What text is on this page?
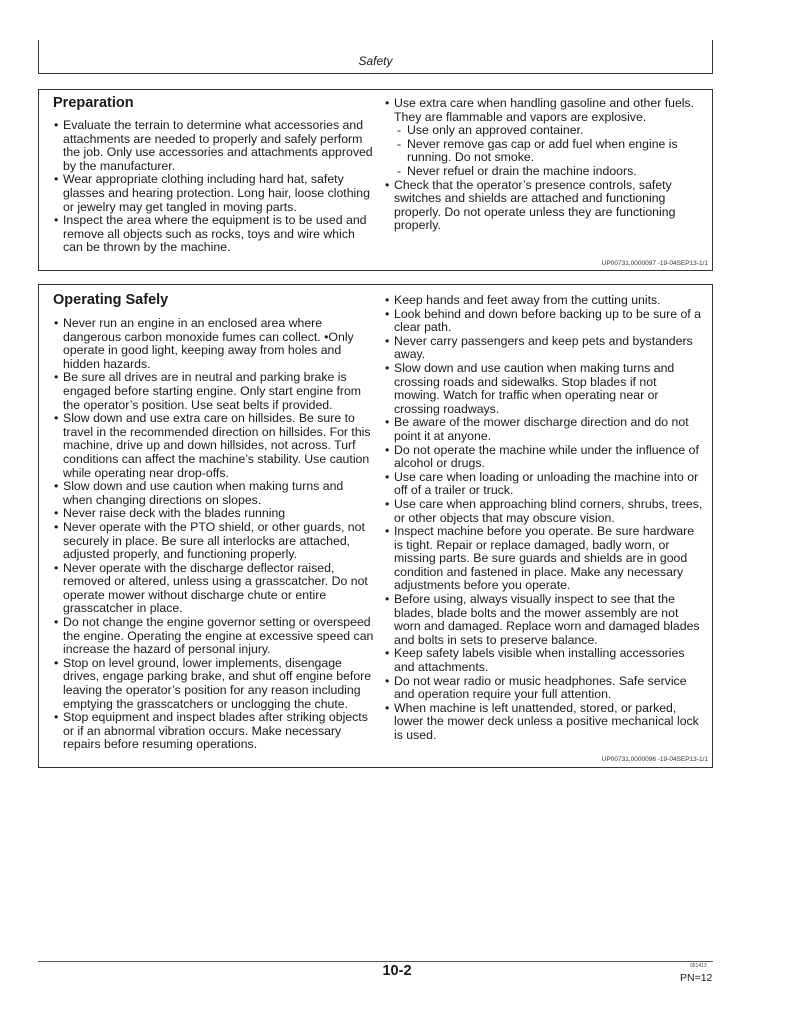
Safety
Preparation
• Evaluate the terrain to determine what accessories and attachments are needed to properly and safely perform the job. Only use accessories and attachments approved by the manufacturer.
• Wear appropriate clothing including hard hat, safety glasses and hearing protection. Long hair, loose clothing or jewelry may get tangled in moving parts.
• Inspect the area where the equipment is to be used and remove all objects such as rocks, toys and wire which can be thrown by the machine.
• Use extra care when handling gasoline and other fuels. They are flammable and vapors are explosive.
- Use only an approved container.
- Never remove gas cap or add fuel when engine is running. Do not smoke.
- Never refuel or drain the machine indoors.
• Check that the operator’s presence controls, safety switches and shields are attached and functioning properly. Do not operate unless they are functioning properly.
UP00731,0000097 -19-04SEP13-1/1
Operating Safely
• Never run an engine in an enclosed area where dangerous carbon monoxide fumes can collect. •Only operate in good light, keeping away from holes and hidden hazards.
• Be sure all drives are in neutral and parking brake is engaged before starting engine. Only start engine from the operator’s position. Use seat belts if provided.
• Slow down and use extra care on hillsides. Be sure to travel in the recommended direction on hillsides. For this machine, drive up and down hillsides, not across. Turf conditions can affect the machine’s stability. Use caution while operating near drop-offs.
• Slow down and use caution when making turns and when changing directions on slopes.
• Never raise deck with the blades running
• Never operate with the PTO shield, or other guards, not securely in place. Be sure all interlocks are attached, adjusted properly, and functioning properly.
• Never operate with the discharge deflector raised, removed or altered, unless using a grasscatcher. Do not operate mower without discharge chute or entire grasscatcher in place.
• Do not change the engine governor setting or overspeed the engine. Operating the engine at excessive speed can increase the hazard of personal injury.
• Stop on level ground, lower implements, disengage drives, engage parking brake, and shut off engine before leaving the operator’s position for any reason including emptying the grasscatchers or unclogging the chute.
• Stop equipment and inspect blades after striking objects or if an abnormal vibration occurs. Make necessary repairs before resuming operations.
• Keep hands and feet away from the cutting units.
• Look behind and down before backing up to be sure of a clear path.
• Never carry passengers and keep pets and bystanders away.
• Slow down and use caution when making turns and crossing roads and sidewalks. Stop blades if not mowing. Watch for traffic when operating near or crossing roadways.
• Be aware of the mower discharge direction and do not point it at anyone.
• Do not operate the machine while under the influence of alcohol or drugs.
• Use care when loading or unloading the machine into or off of a trailer or truck.
• Use care when approaching blind corners, shrubs, trees, or other objects that may obscure vision.
• Inspect machine before you operate. Be sure hardware is tight. Repair or replace damaged, badly worn, or missing parts. Be sure guards and shields are in good condition and fastened in place. Make any necessary adjustments before you operate.
• Before using, always visually inspect to see that the blades, blade bolts and the mower assembly are not worn and damaged. Replace worn and damaged blades and bolts in sets to preserve balance.
• Keep safety labels visible when installing accessories and attachments.
• Do not wear radio or music headphones. Safe service and operation require your full attention.
• When machine is left unattended, stored, or parked, lower the mower deck unless a positive mechanical lock is used.
UP00731,0000096 -19-04SEP13-1/1
10-2	051413
PN=12
